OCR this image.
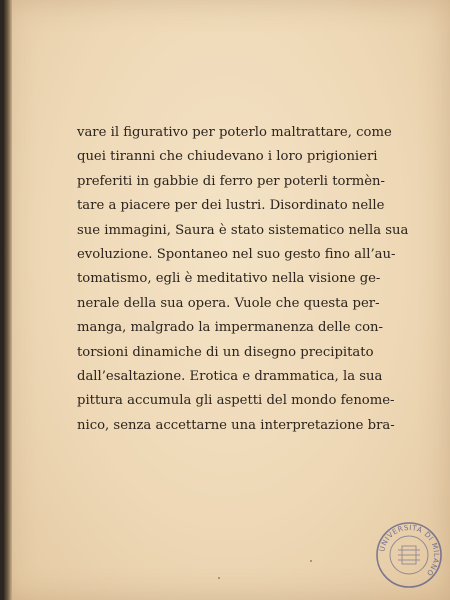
vare il figurativo per poterlo maltrattare, come
quei tiranni che chiudevano i loro prigionieri
preferiti in gabbie di ferro per poterli tormèn-
tare a piacere per dei lustri. Disordinato nelle
sue immagini, Saura è stato sistematico nella sua
evoluzione. Spontaneo nel suo gesto fino all’au-
tomatismo, egli è meditativo nella visione ge-
nerale della sua opera. Vuole che questa per-
manga, malgrado la impermanenza delle con-
torsioni dinamiche di un disegno precipitato
dall’esaltazione. Erotica e drammatica, la sua
pittura accumula gli aspetti del mondo fenome-
nico, senza accettarne una interpretazione bra-
UNIVERSITÀ DI MILANO
